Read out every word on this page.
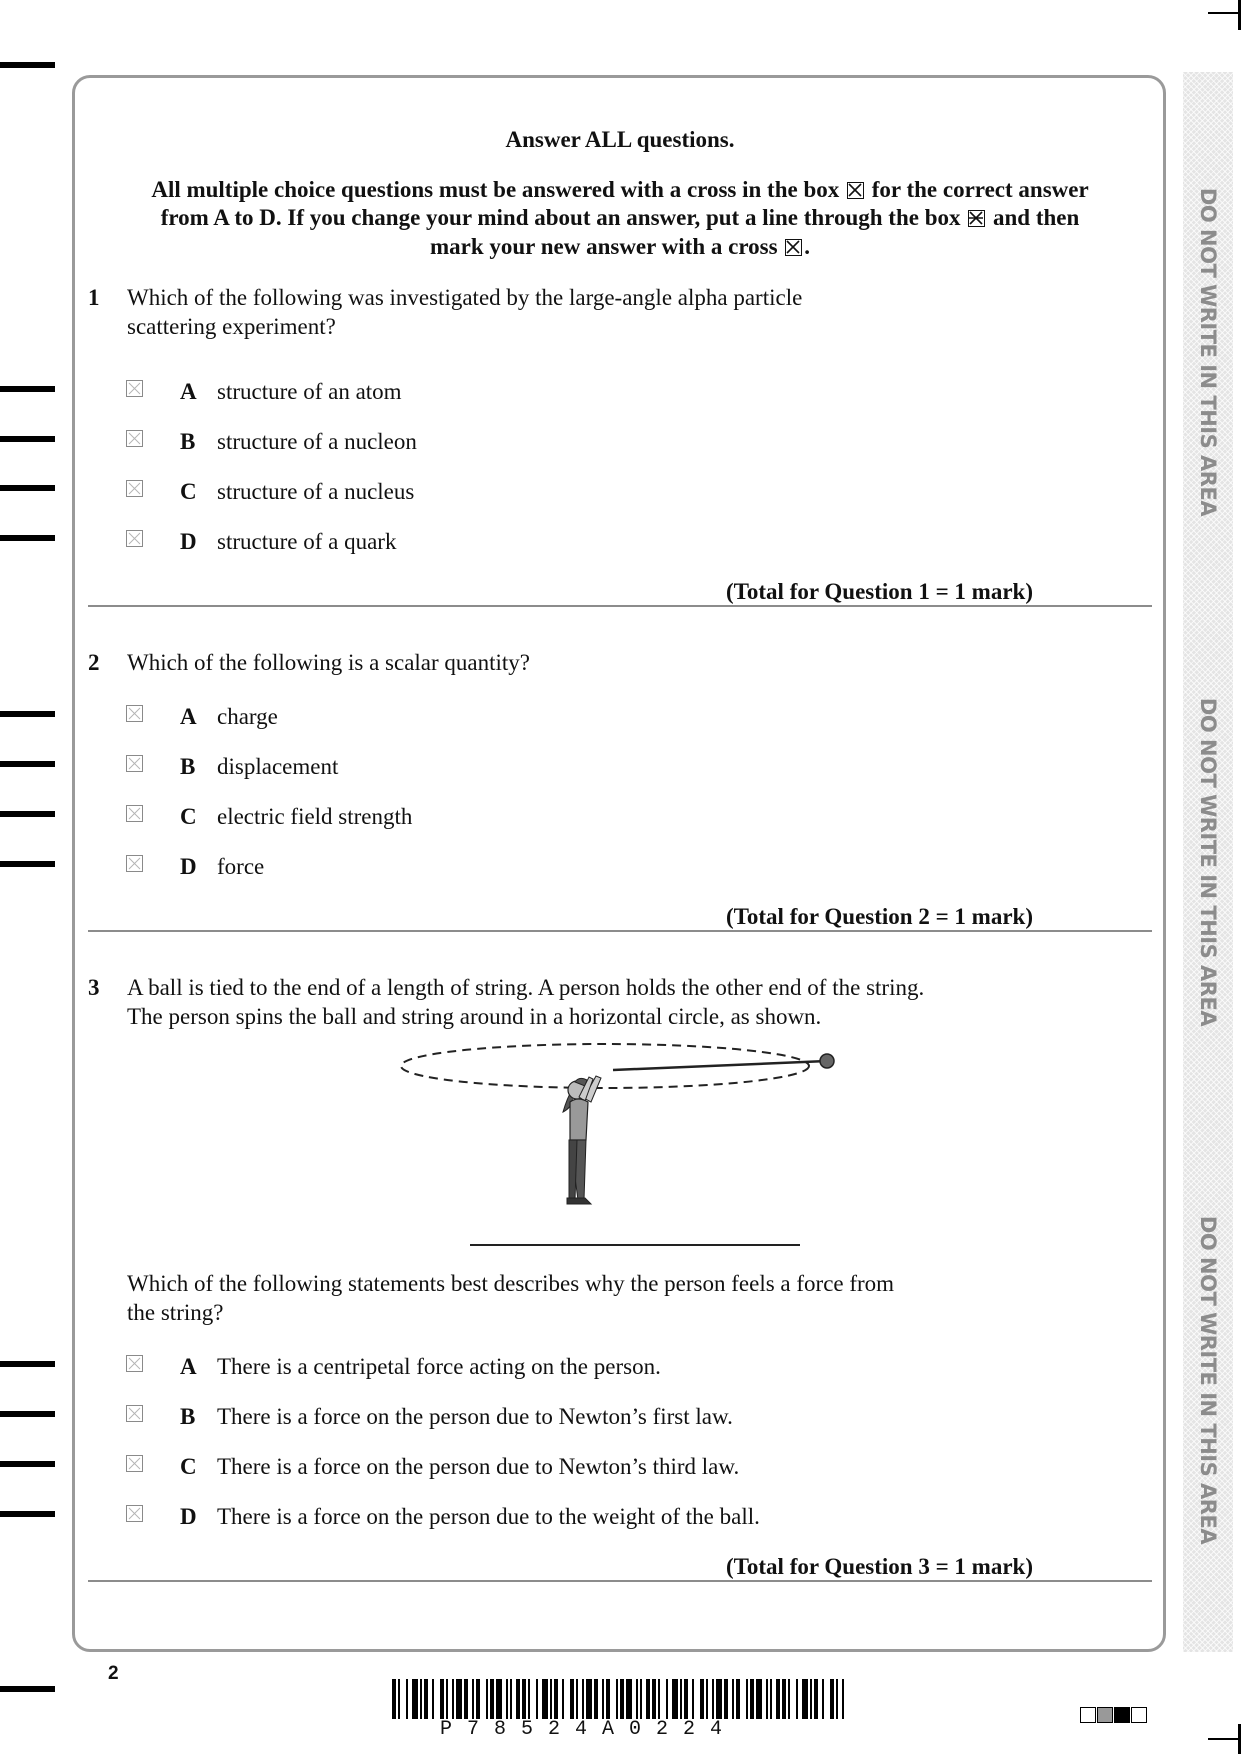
DO NOT WRITE IN THIS AREA
DO NOT WRITE IN THIS AREA
DO NOT WRITE IN THIS AREA
Answer ALL questions.
All multiple choice questions must be answered with a cross in the box ☒ for the correct answer
from A to D. If you change your mind about an answer, put a line through the box and then
mark your new answer with a cross ☒ .
1 Which of the following was investigated by the large-angle alpha particle
scattering experiment?
A structure of an atom
B structure of a nucleon
C structure of a nucleus
D structure of a quark
(Total for Question 1 = 1 mark)
2 Which of the following is a scalar quantity?
A charge
B displacement
C electric field strength
D force
(Total for Question 2 = 1 mark)
3 A ball is tied to the end of a length of string. A person holds the other end of the string.
The person spins the ball and string around in a horizontal circle, as shown.
Which of the following statements best describes why the person feels a force from
the string?
A There is a centripetal force acting on the person.
B There is a force on the person due to Newton’s first law.
C There is a force on the person due to Newton’s third law.
D There is a force on the person due to the weight of the ball.
(Total for Question 3 = 1 mark)
2
P78524A0224
